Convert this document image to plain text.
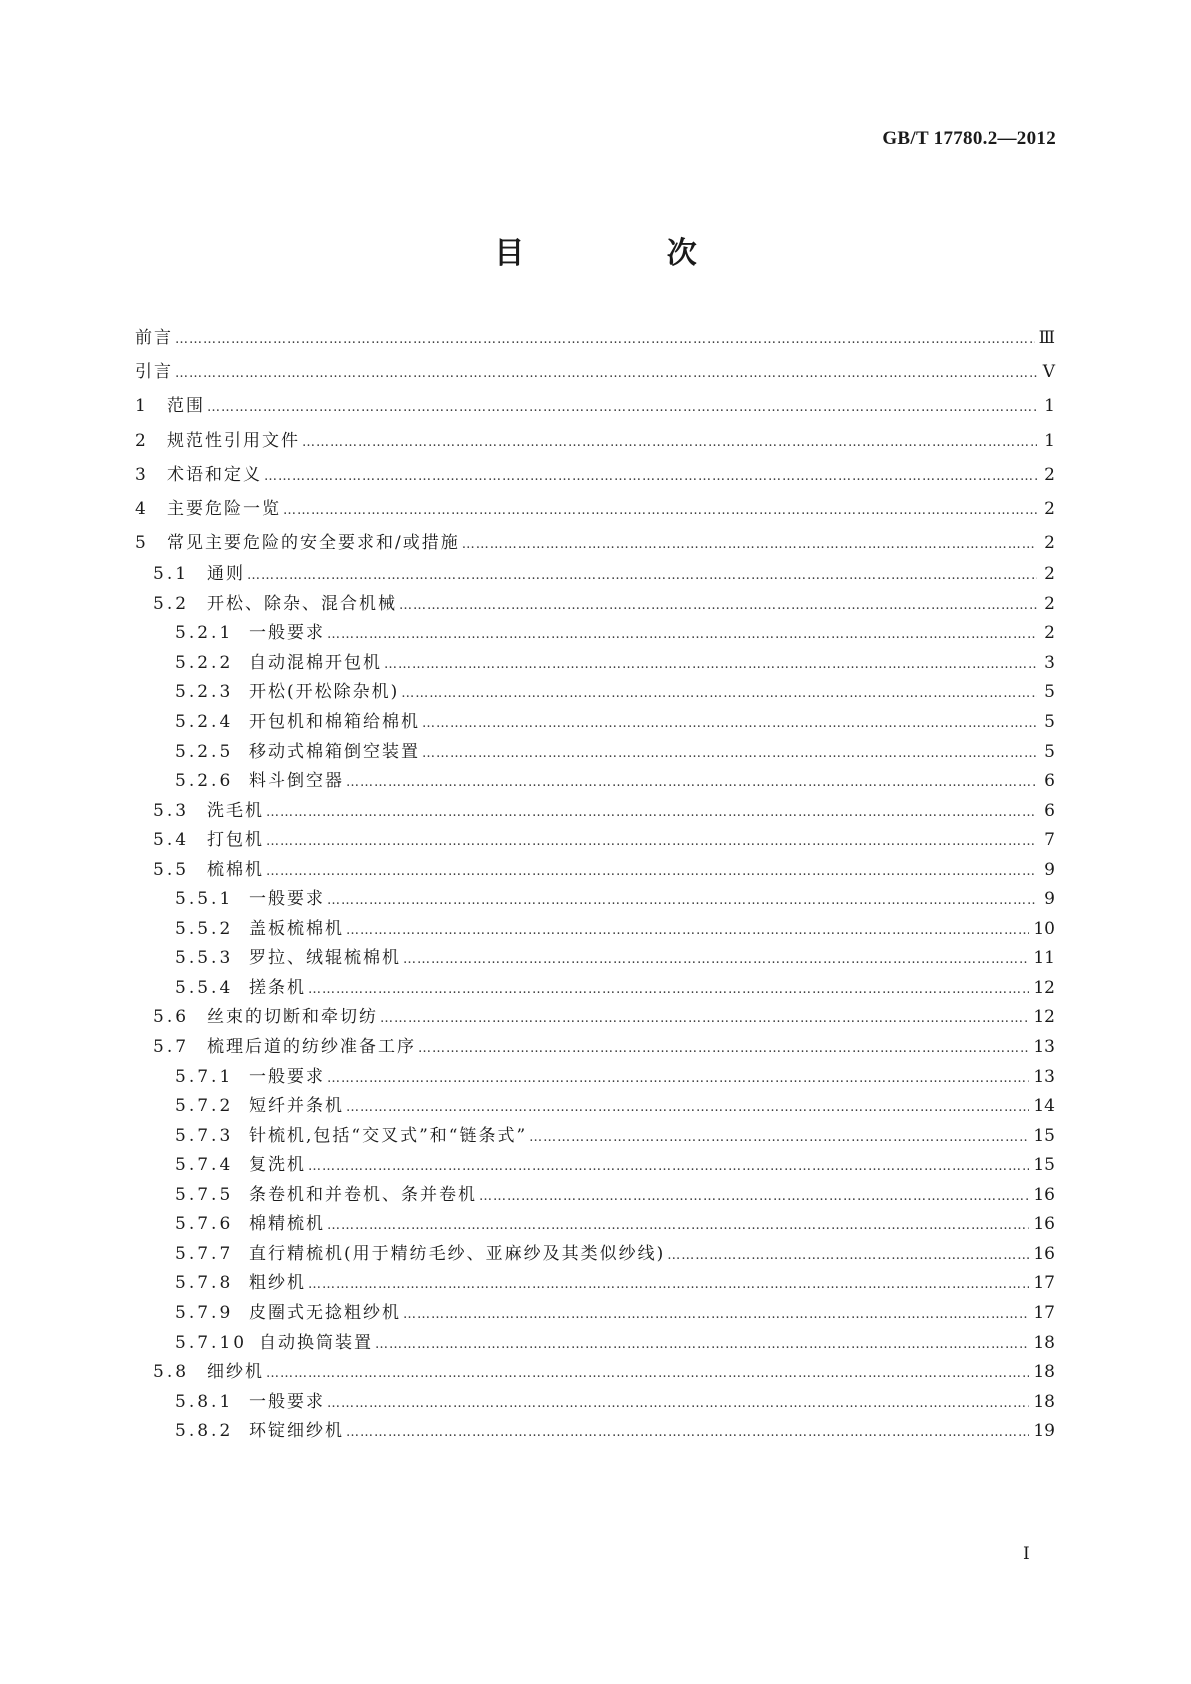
GB/T 17780.2—2012
目 次
前言 ………………………………………………………………………………………………………………………………………………………………………………………………………………………………………	Ⅲ
引言 ………………………………………………………………………………………………………………………………………………………………………………………………………………………………………	Ⅴ
1	范围 ………………………………………………………………………………………………………………………………………………………………………………………………………………………………………	1
2	规范性引用文件 ………………………………………………………………………………………………………………………………………………………………………………………………………………………………………	1
3	术语和定义 ………………………………………………………………………………………………………………………………………………………………………………………………………………………………………	2
4	主要危险一览 ………………………………………………………………………………………………………………………………………………………………………………………………………………………………………	2
5	常见主要危险的安全要求和/或措施 ………………………………………………………………………………………………………………………………………………………………………………………………………………………………………	2
5.1	通则 ………………………………………………………………………………………………………………………………………………………………………………………………………………………………………	2
5.2	开松、除杂、混合机械 ………………………………………………………………………………………………………………………………………………………………………………………………………………………………………	2
5.2.1 一般要求 ………………………………………………………………………………………………………………………………………………………………………………………………………………………………………	2
5.2.2 自动混棉开包机 ………………………………………………………………………………………………………………………………………………………………………………………………………………………………………	3
5.2.3 开松(开松除杂机) ………………………………………………………………………………………………………………………………………………………………………………………………………………………………………	5
5.2.4 开包机和棉箱给棉机 ………………………………………………………………………………………………………………………………………………………………………………………………………………………………………	5
5.2.5 移动式棉箱倒空装置 ………………………………………………………………………………………………………………………………………………………………………………………………………………………………………	5
5.2.6 料斗倒空器 ………………………………………………………………………………………………………………………………………………………………………………………………………………………………………	6
5.3	洗毛机 ………………………………………………………………………………………………………………………………………………………………………………………………………………………………………	6
5.4	打包机 ………………………………………………………………………………………………………………………………………………………………………………………………………………………………………	7
5.5	梳棉机 ………………………………………………………………………………………………………………………………………………………………………………………………………………………………………	9
5.5.1 一般要求 ………………………………………………………………………………………………………………………………………………………………………………………………………………………………………	9
5.5.2 盖板梳棉机 ………………………………………………………………………………………………………………………………………………………………………………………………………………………………………	10
5.5.3 罗拉、绒辊梳棉机 ………………………………………………………………………………………………………………………………………………………………………………………………………………………………………	11
5.5.4 搓条机 ………………………………………………………………………………………………………………………………………………………………………………………………………………………………………	12
5.6	丝束的切断和牵切纺 ………………………………………………………………………………………………………………………………………………………………………………………………………………………………………	12
5.7	梳理后道的纺纱准备工序 ………………………………………………………………………………………………………………………………………………………………………………………………………………………………………	13
5.7.1 一般要求 ………………………………………………………………………………………………………………………………………………………………………………………………………………………………………	13
5.7.2 短纤并条机 ………………………………………………………………………………………………………………………………………………………………………………………………………………………………………	14
5.7.3 针梳机,包括“交叉式”和“链条式” ………………………………………………………………………………………………………………………………………………………………………………………………………………………………………	15
5.7.4 复洗机 ………………………………………………………………………………………………………………………………………………………………………………………………………………………………………	15
5.7.5 条卷机和并卷机、条并卷机 ………………………………………………………………………………………………………………………………………………………………………………………………………………………………………	16
5.7.6 棉精梳机 ………………………………………………………………………………………………………………………………………………………………………………………………………………………………………	16
5.7.7 直行精梳机(用于精纺毛纱、亚麻纱及其类似纱线) ………………………………………………………………………………………………………………………………………………………………………………………………………………………………………	16
5.7.8 粗纱机 ………………………………………………………………………………………………………………………………………………………………………………………………………………………………………	17
5.7.9 皮圈式无捻粗纱机 ………………………………………………………………………………………………………………………………………………………………………………………………………………………………………	17
5.7.10 自动换筒装置 ………………………………………………………………………………………………………………………………………………………………………………………………………………………………………	18
5.8	细纱机 ………………………………………………………………………………………………………………………………………………………………………………………………………………………………………	18
5.8.1 一般要求 ………………………………………………………………………………………………………………………………………………………………………………………………………………………………………	18
5.8.2 环锭细纱机 ………………………………………………………………………………………………………………………………………………………………………………………………………………………………………	19
I
